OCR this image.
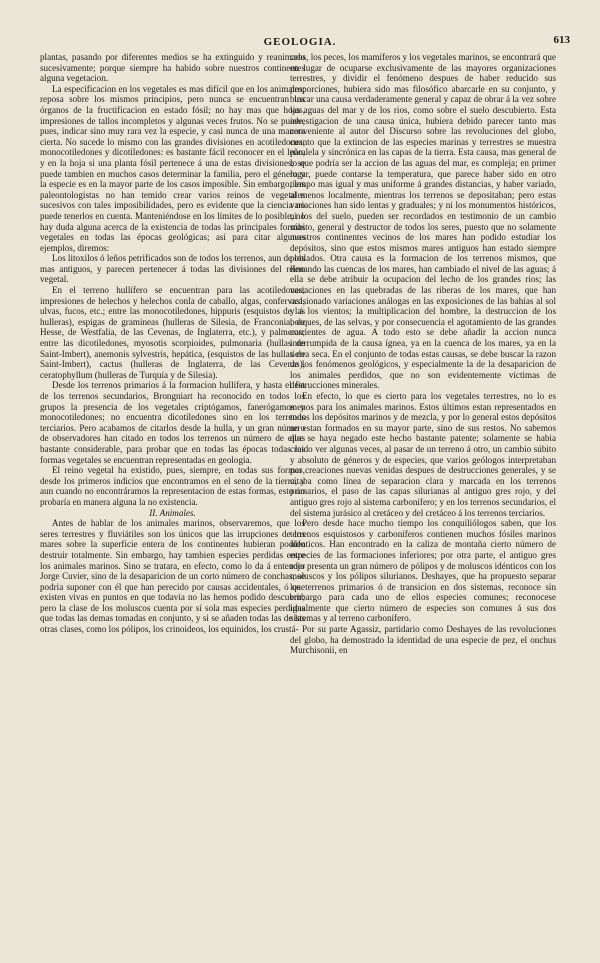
GEOLOGIA.	613

plantas, pasando por diferentes medios se ha extinguido y reanimado sucesivamente; porque siempre ha habido sobre nuestros continentes alguna vegetacion.

La especificacion en los vegetales es mas difícil que en los animales; reposa sobre los mismos principios, pero nunca se encuentran los órganos de la fructificacion en estado fósil; no hay mas que hojas, impresiones de tallos incompletos y algunas veces frutos. No se puede, pues, indicar sino muy rara vez la especie, y casi nunca de una manera cierta. No sucede lo mismo con las grandes divisiones en acotiledones, monocotiledones y dicotiledones: es bastante fácil reconocer en el leño, y en la hoja si una planta fósil pertenece á una de estas divisiones; se puede tambien en muchos casos determinar la familia, pero el género y la especie es en la mayor parte de los casos imposible. Sin embargo, los paleontologistas no han temido crear varios reinos de vegetales sucesivos con tales imposibilidades, pero es evidente que la ciencia no puede tenerlos en cuenta. Manteniéndose en los límites de lo posible, no hay duda alguna acerca de la existencia de todas las principales formas vegetales en todas las épocas geológicas; así para citar algunos ejemplos, diremos:

Los litoxilos ó leños petrificados son de todos los terrenos, aun de los mas antiguos, y parecen pertenecer á todas las divisiones del reino vegetal.

En el terreno hullífero se encuentran para las acotiledones; impresiones de helechos y helechos conla de caballo, algas, confervas!, ulvas, fucos, etc.; entre las monocotiledones, hippuris (esquistos de las hulleras), espigas de gramineas (hulleras de Silesia, de Franconia, de Hesse, de Westfalia, de las Cevenas, de Inglaterra, etc.), y palmeras; entre las dicotiledones, myosotis scorpioides, pulmonaria (hullas de Saint-Imbert), anemonis sylvestris, hepática, (esquistos de las hullas de Saint-Imbert), cactus (hulleras de Inglaterra, de las Cevenas), ceratophyllum (hulleras de Turquía y de Silesia).

Desde los terrenos primarios á la formacion hullífera, y hasta el fin de los terrenos secundarios, Brongniart ha reconocido en todos los grupos la presencia de los vegetales criptógamos, fanerógamos y monocotiledones; no encuentra dicotiledones sino en los terrenos terciarios. Pero acabamos de citarlos desde la hulla, y un gran número de observadores han citado en todos los terrenos un número de ellos bastante considerable, para probar que en todas las épocas todas las formas vegetales se encuentran representadas en geologia.

El reino vegetal ha existido, pues, siempre, en todas sus formas, desde los primeros indicios que encontramos en el seno de la tierra, y aun cuando no encontráramos la representacion de estas formas, esto no probaría en manera alguna la no existencia.

II. Animales.

Antes de hablar de los animales marinos, observaremos, que los seres terrestres y fluviátiles son los únicos que las irrupciones de los mares sobre la superficie entera de los continentes hubieran podido destruir totalmente. Sin embargo, hay tambien especies perdidas entre los animales marinos. Sino se tratara, en efecto, como lo da á entender Jorge Cuvier, sino de la desaparicion de un corto número de conchas, se podria suponer con él que han perecido por causas accidentales, ó que existen vivas en puntos en que todavía no las hemos podido descubrir; pero la clase de los moluscos cuenta por sí sola mas especies perdidas que todas las demas tomadas en conjunto, y si se añaden todas las de las otras clases, como los pólipos, los crinoideos, los equinidos, los crustá-

ceos, los peces, los mamíferos y los vegetales marinos, se encontrará que en lugar de ocuparse exclusivamente de las mayores organizaciones terrestres, y dividir el fenómeno despues de haber reducido sus proporciones, hubiera sido mas filosófico abarcarle en su conjunto, y buscar una causa verdaderamente general y capaz de obrar á la vez sobre las aguas del mar y de los rios, como sobre el suelo descubierto. Esta investigacion de una causa única, hubiera debido parecer tanto mas conveniente al autor del Discurso sobre las revoluciones del globo, cuanto que la extincion de las especies marinas y terrestres se muestra paralela y sincrónica en las capas de la tierra. Esta causa, mas general de lo que podría ser la accion de las aguas del mar, es compleja; en primer lugar, puede contarse la temperatura, que parece haber sido en otro tiempo mas igual y mas uniforme á grandes distancias, y haber variado, al menos localmente, mientras los terrenos se depositaban; pero estas variaciones han sido lentas y graduales; y ni los monumentos históricos, ni los del suelo, pueden ser recordados en testimonio de un cambio súbito, general y destructor de todos los seres, puesto que no solamente nuestros continentes vecinos de los mares han podido estudiar los depósitos, sino que estos mismos mares antiguos han estado siempre poblados. Otra causa es la formacion de los terrenos mismos, que llenando las cuencas de los mares, han cambiado el nivel de las aguas; á ella se debe atribuir la ocupacion del lecho de los grandes rios; las variaciones en las quebradas de las riberas de los mares, que han ocasionado variaciones análogas en las exposiciones de las bahías al sol y á los vientos; la multiplicacion del hombre, la destruccion de los bosques, de las selvas, y por consecuencia el agotamiento de las grandes corrientes de agua. A todo esto se debe añadir la accion nunca interrumpida de la causa ígnea, ya en la cuenca de los mares, ya en la tierra seca. En el conjunto de todas estas causas, se debe buscar la razon de los fenómenos geológicos, y especialmente la de la desaparicion de los animales perdidos, que no son evidentemente víctimas de destrucciones minerales.

En efecto, lo que es cierto para los vegetales terrestres, no lo es menos para los animales marinos. Estos últimos estan representados en todos los depósitos marinos y de mezcla, y por lo general estos depósitos no estan formados en su mayor parte, sino de sus restos. No sabemos que se haya negado este hecho bastante patente; solamente se habia creido ver algunas veces, al pasar de un terreno á otro, un cambio súbito y absoluto de géneros y de especies, que varios geólogos interpretaban por creaciones nuevas venidas despues de destrucciones generales, y se citaba como línea de separacion clara y marcada en los terrenos primarios, el paso de las capas silurianas al antiguo gres rojo, y del antiguo gres rojo al sistema carbonífero; y en los terrenos secundarios, el del sistema jurásico al cretáceo y del cretáceo á los terrenos terciarios.

Pero desde hace mucho tiempo los conquiliólogos saben, que los terrenos esquistosos y carboníferos contienen muchos fósiles marinos idénticos. Han encontrado en la caliza de montaña cierto número de especies de las formaciones inferiores; por otra parte, el antiguo gres rojo presenta un gran número de pólipos y de moluscos idénticos con los moluscos y los pólipos silurianos. Deshayes, que ha propuesto separar los terrenos primarios ó de transicion en dos sistemas, reconoce sin embargo para cada uno de ellos especies comunes; reconocese igualmente que cierto número de especies son comunes á sus dos sistemas y al terreno carbonífero.

Por su parte Agassiz, partidario como Deshayes de las revoluciones del globo, ha demostrado la identidad de una especie de pez, el onchus Murchisonii, en
